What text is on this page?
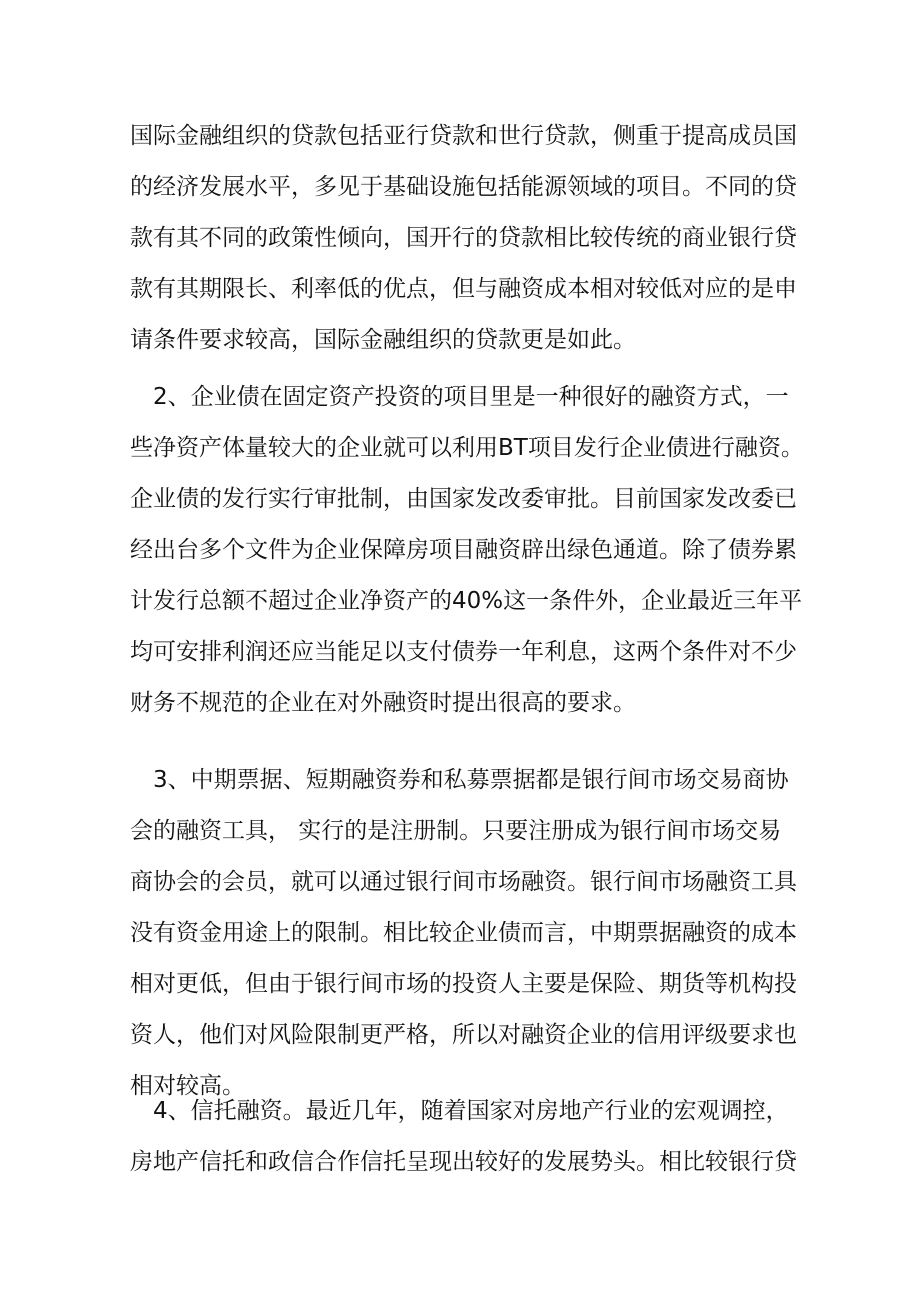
国际金融组织的贷款包括亚行贷款和世行贷款，侧重于提高成员国
的经济发展水平，多见于基础设施包括能源领域的项目。不同的贷
款有其不同的政策性倾向，国开行的贷款相比较传统的商业银行贷
款有其期限长、利率低的优点，但与融资成本相对较低对应的是申
请条件要求较高，国际金融组织的贷款更是如此。
　2、企业债在固定资产投资的项目里是一种很好的融资方式，一
些净资产体量较大的企业就可以利用BT项目发行企业债进行融资。
企业债的发行实行审批制，由国家发改委审批。目前国家发改委已
经出台多个文件为企业保障房项目融资辟出绿色通道。除了债券累
计发行总额不超过企业净资产的40%这一条件外，企业最近三年平
均可安排利润还应当能足以支付债券一年利息，这两个条件对不少
财务不规范的企业在对外融资时提出很高的要求。
　3、中期票据、短期融资券和私募票据都是银行间市场交易商协
会的融资工具， 实行的是注册制。只要注册成为银行间市场交易
商协会的会员，就可以通过银行间市场融资。银行间市场融资工具
没有资金用途上的限制。相比较企业债而言，中期票据融资的成本
相对更低，但由于银行间市场的投资人主要是保险、期货等机构投
资人，他们对风险限制更严格，所以对融资企业的信用评级要求也
相对较高。
　4、信托融资。最近几年，随着国家对房地产行业的宏观调控，
房地产信托和政信合作信托呈现出较好的发展势头。相比较银行贷
